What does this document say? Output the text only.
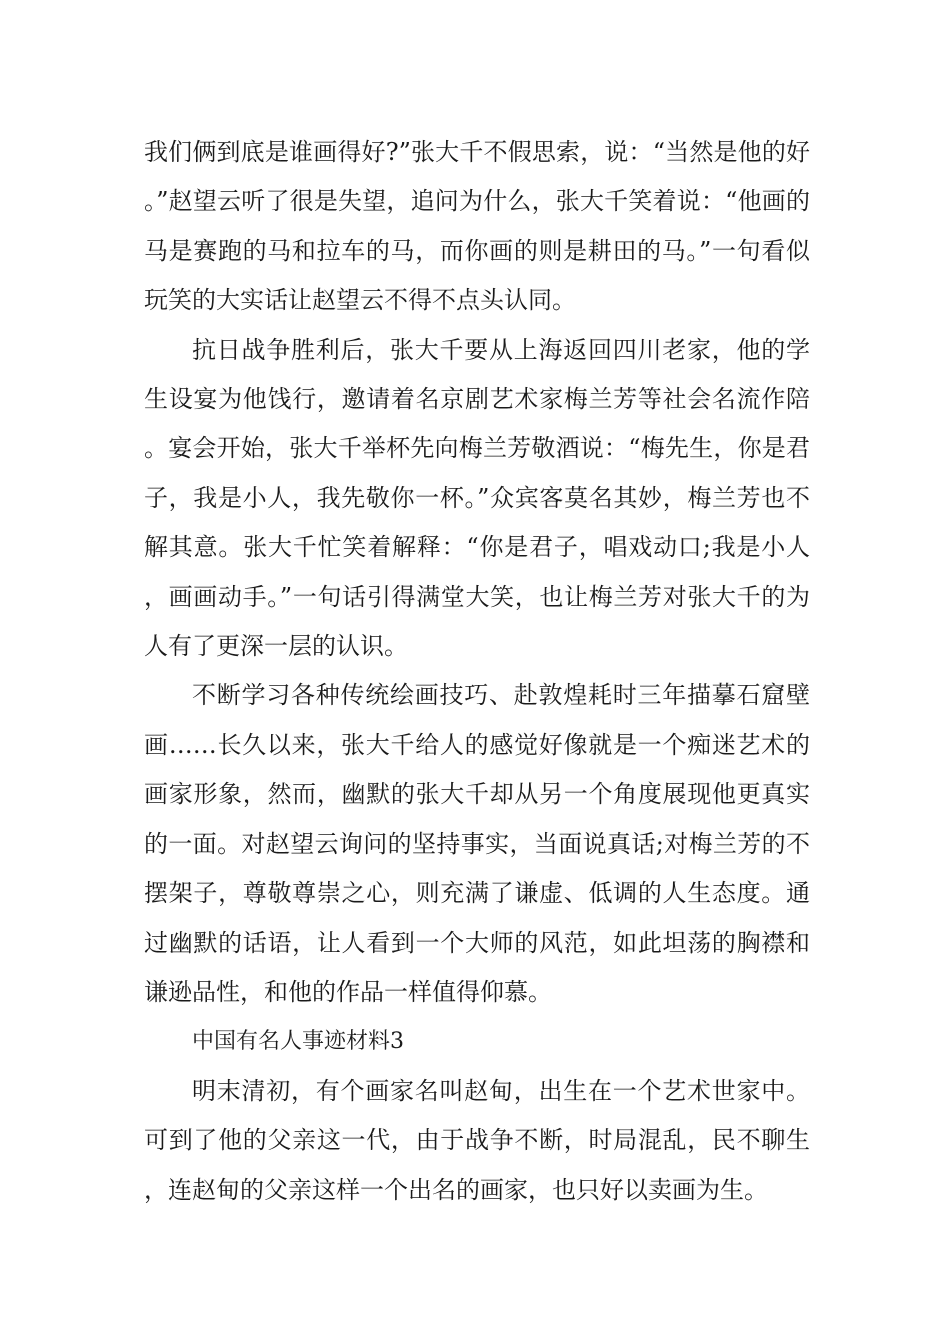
我们俩到底是谁画得好?”张大千不假思索，说：“当然是他的好。”赵望云听了很是失望，追问为什么，张大千笑着说：“他画的马是赛跑的马和拉车的马，而你画的则是耕田的马。”一句看似玩笑的大实话让赵望云不得不点头认同。

抗日战争胜利后，张大千要从上海返回四川老家，他的学生设宴为他饯行，邀请着名京剧艺术家梅兰芳等社会名流作陪。宴会开始，张大千举杯先向梅兰芳敬酒说：“梅先生，你是君子，我是小人，我先敬你一杯。”众宾客莫名其妙，梅兰芳也不解其意。张大千忙笑着解释：“你是君子，唱戏动口;我是小人，画画动手。”一句话引得满堂大笑，也让梅兰芳对张大千的为人有了更深一层的认识。

不断学习各种传统绘画技巧、赴敦煌耗时三年描摹石窟壁画……长久以来，张大千给人的感觉好像就是一个痴迷艺术的画家形象，然而，幽默的张大千却从另一个角度展现他更真实的一面。对赵望云询问的坚持事实，当面说真话;对梅兰芳的不摆架子，尊敬尊崇之心，则充满了谦虚、低调的人生态度。通过幽默的话语，让人看到一个大师的风范，如此坦荡的胸襟和谦逊品性，和他的作品一样值得仰慕。

中国有名人事迹材料3

明末清初，有个画家名叫赵甸，出生在一个艺术世家中。可到了他的父亲这一代，由于战争不断，时局混乱，民不聊生，连赵甸的父亲这样一个出名的画家，也只好以卖画为生。
